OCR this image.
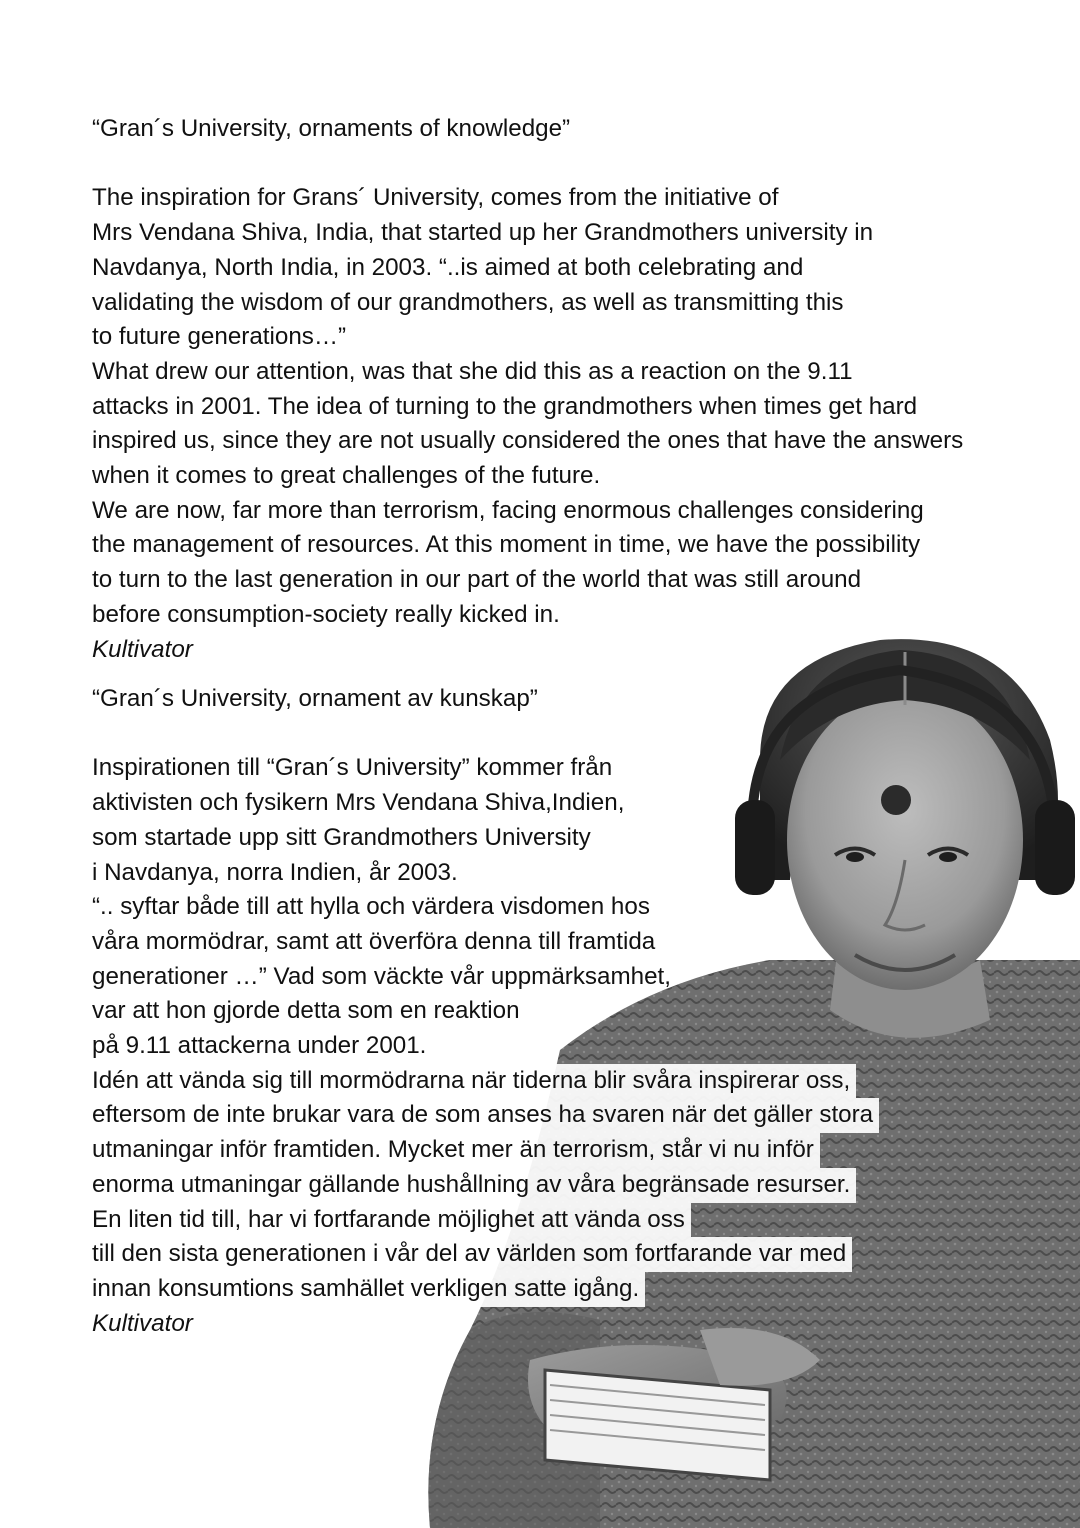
“Gran´s University, ornaments of knowledge”
The inspiration for Grans´ University, comes from the initiative of
Mrs Vendana Shiva, India, that started up her Grandmothers university in
Navdanya, North India, in 2003. “..is aimed at both celebrating and
validating the wisdom of our grandmothers, as well as transmitting this
to future generations…”
What drew our attention, was that she did this as a reaction on the 9.11
attacks in 2001. The idea of turning to the grandmothers when times get hard
inspired us, since they are not usually considered the ones that have the answers
when it comes to great challenges of the future.
We are now, far more than terrorism, facing enormous challenges considering
the management of resources. At this moment in time, we have the possibility
to turn to the last generation in our part of the world that was still around
before consumption-society really kicked in.
Kultivator
“Gran´s University, ornament av kunskap”
Inspirationen till “Gran´s University” kommer från
aktivisten och fysikern Mrs Vendana Shiva,Indien,
som startade upp sitt Grandmothers University
i Navdanya, norra Indien, år 2003.
“.. syftar både till att hylla och värdera visdomen hos
våra mormödrar, samt att överföra denna till framtida
generationer …” Vad som väckte vår uppmärksamhet,
var att hon gjorde detta som en reaktion
på 9.11 attackerna under 2001.
Idén att vända sig till mormödrarna när tiderna blir svåra inspirerar oss,
eftersom de inte brukar vara de som anses ha svaren när det gäller stora
utmaningar inför framtiden. Mycket mer än terrorism, står vi nu inför
enorma utmaningar gällande hushållning av våra begränsade resurser.
En liten tid till, har vi fortfarande möjlighet att vända oss
till den sista generationen i vår del av världen som fortfarande var med
innan konsumtions samhället verkligen satte igång.
Kultivator
